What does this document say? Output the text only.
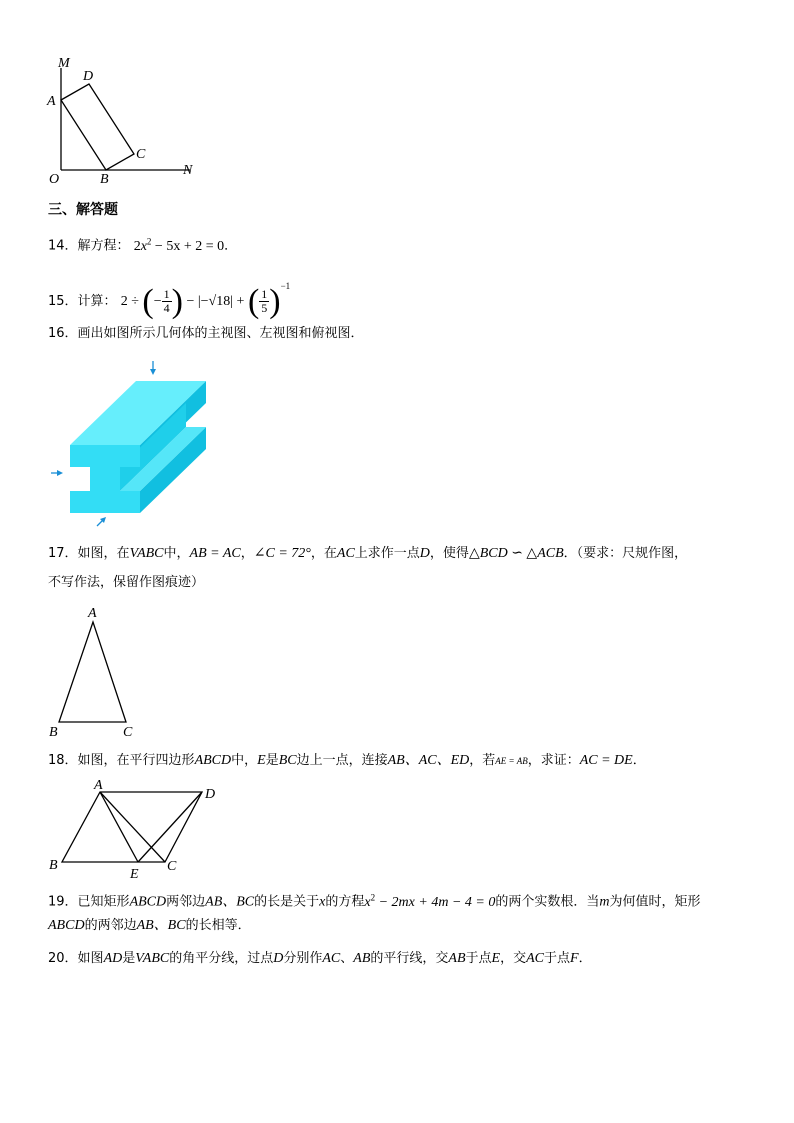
M
D
A
C
O	B
N
三、解答题
14．解方程： $2x^2 - 5x + 2 = 0$．
15．计算： 2 ÷ (− $\frac{1}{4}$ ) − |−√18| + ( $\frac{1}{5} )^{-1}$
16．画出如图所示几何体的主视图、左视图和俯视图．
17．如图，在VABC中，AB = AC，∠C = 72°，在AC上求作一点D，使得△BCD ∽ △ACB．（要求：尺规作图，
不写作法，保留作图痕迹）
A
B	C
18．如图，在平行四边形ABCD中，E是BC边上一点，连接AB、AC、ED，若AE = AB，求证：AC = DE．
A
D
B
E
C
19．已知矩形ABCD两邻边AB、BC的长是关于x的方程$x^2 - 2mx + 4m - 4 = 0$的两个实数根．当m为何值时，矩形
ABCD的两邻边AB、BC的长相等．
20．如图AD是VABC的角平分线，过点D分别作AC、AB的平行线，交AB于点E，交AC于点F．
